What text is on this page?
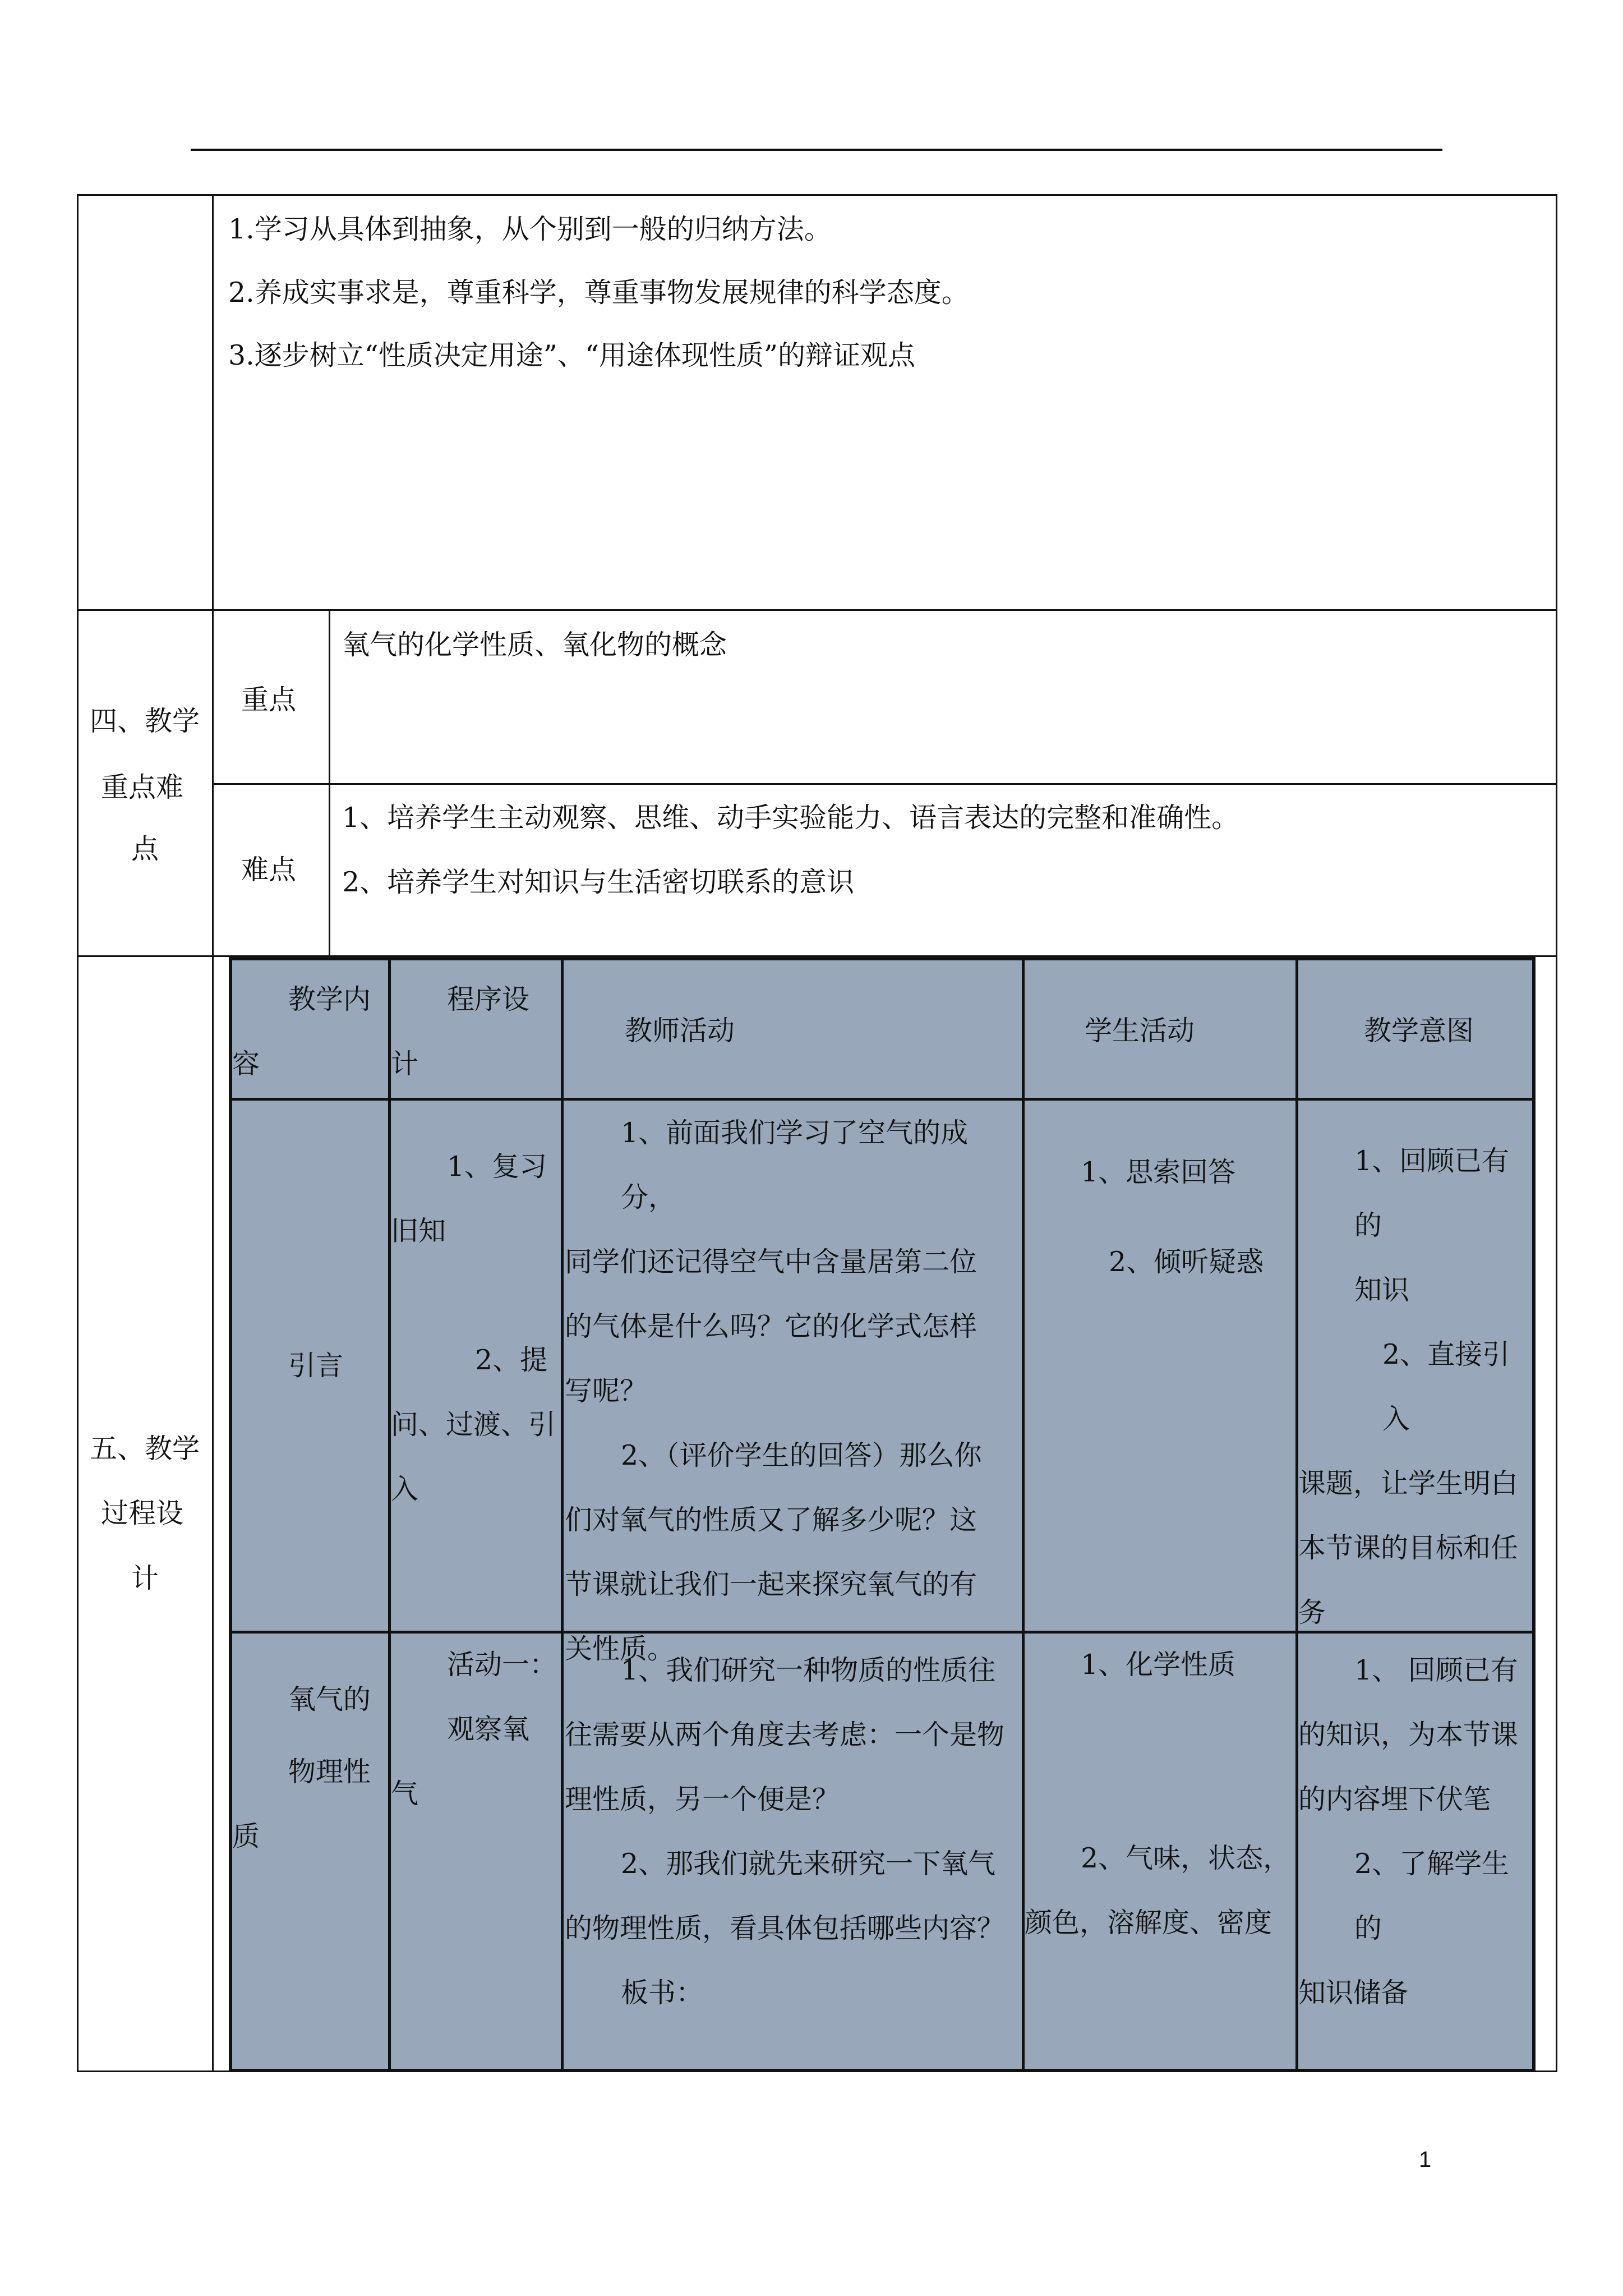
1.学习从具体到抽象，从个别到一般的归纳方法。
2.养成实事求是，尊重科学，尊重事物发展规律的科学态度。
3.逐步树立“性质决定用途”、“用途体现性质”的辩证观点
四、教学
重点难
点
重点
氧气的化学性质、氧化物的概念
难点
1、培养学生主动观察、思维、动手实验能力、语言表达的完整和准确性。
2、培养学生对知识与生活密切联系的意识
五、教学
过程设
计

教学内

容

程序设

计

教师活动	学生活动	教学意图
引言

1、复习

旧知

2、提

问、过渡、引

入

1、前面我们学习了空气的成分，

同学们还记得空气中含量居第二位

的气体是什么吗？它的化学式怎样

写呢？

2、（评价学生的回答）那么你

们对氧气的性质又了解多少呢？这

节课就让我们一起来探究氧气的有

关性质。

1、思索回答

2、倾听疑惑

1、回顾已有 的

知识

2、直接引入

课题，让学生明白

本节课的目标和任

务

氧气的

物理性

质

活动一：

观察氧

气

1、我们研究一种物质的性质往

往需要从两个角度去考虑：一个是物

理性质，另一个便是？

2、那我们就先来研究一下氧气

的物理性质，看具体包括哪些内容？

板书：

1、化学性质

2、气味，状态，

颜色，溶解度、密度

1、 回顾已有

的知识，为本节课

的内容埋下伏笔

2、了解学生的

知识储备

1
